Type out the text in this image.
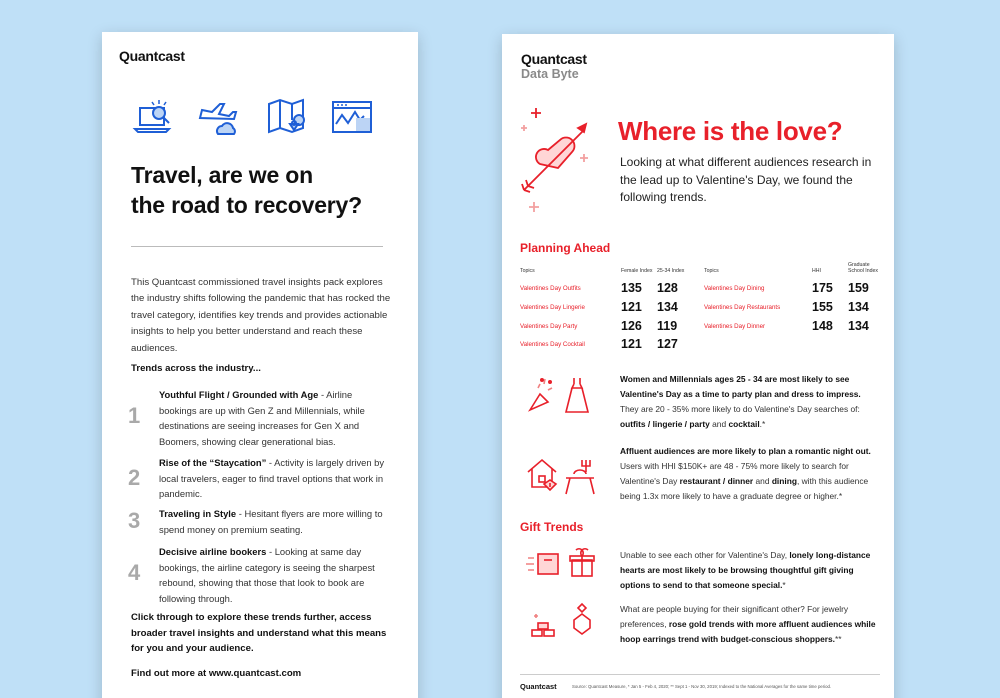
Quantcast
Travel, are we on
the road to recovery?
This Quantcast commissioned travel insights pack explores the industry shifts following the pandemic that has rocked the travel category, identifies key trends and provides actionable insights to help you better understand and reach these audiences.
Trends across the industry...
1
Youthful Flight / Grounded with Age - Airline bookings are up with Gen Z and Millennials, while destinations are seeing increases for Gen X and Boomers, showing clear generational bias.
2
Rise of the “Staycation” - Activity is largely driven by local travelers, eager to find travel options that work in pandemic.
3 Traveling in Style - Hesitant flyers are more willing to spend money on premium seating.
4
Decisive airline bookers - Looking at same day bookings, the airline category is seeing the sharpest rebound, showing that those that look to book are following through.
Click through to explore these trends further, access broader travel insights and understand what this means for you and your audience.
Find out more at www.quantcast.com
Quantcast
Data Byte
Where is the love?
Looking at what different audiences research in the lead up to Valentine's Day, we found the following trends.
Planning Ahead
Topics	Female Index 25-34 Index
Valentines Day Outfits	135 128
Valentines Day Lingerie	121 134
Valentines Day Party	126 119
Valentines Day Cocktail	121 127
Topics	HHI
Graduate
School Index
Valentines Day Dining	175 159
Valentines Day Restaurants	155 134
Valentines Day Dinner	148 134
Women and Millennials ages 25 - 34 are most likely to see Valentine's Day as a time to party plan and dress to impress. They are 20 - 35% more likely to do Valentine's Day searches of: outfits / lingerie / party and cocktail.*
Affluent audiences are more likely to plan a romantic night out. Users with HHI $150K+ are 48 - 75% more likely to search for Valentine's Day restaurant / dinner and dining, with this audience being 1.3x more likely to have a graduate degree or higher.*
Gift Trends
Unable to see each other for Valentine's Day, lonely long-distance hearts are most likely to be browsing thoughtful gift giving options to send to that someone special.*
What are people buying for their significant other? For jewelry preferences, rose gold trends with more affluent audiences while hoop earrings trend with budget-conscious shoppers.**
Quantcast	Source: Quantcast Measure, * Jan 5 - Feb 4, 2020; ** Sept 1 - Nov 30, 2019; Indexed to the National Averages for the same time period.
